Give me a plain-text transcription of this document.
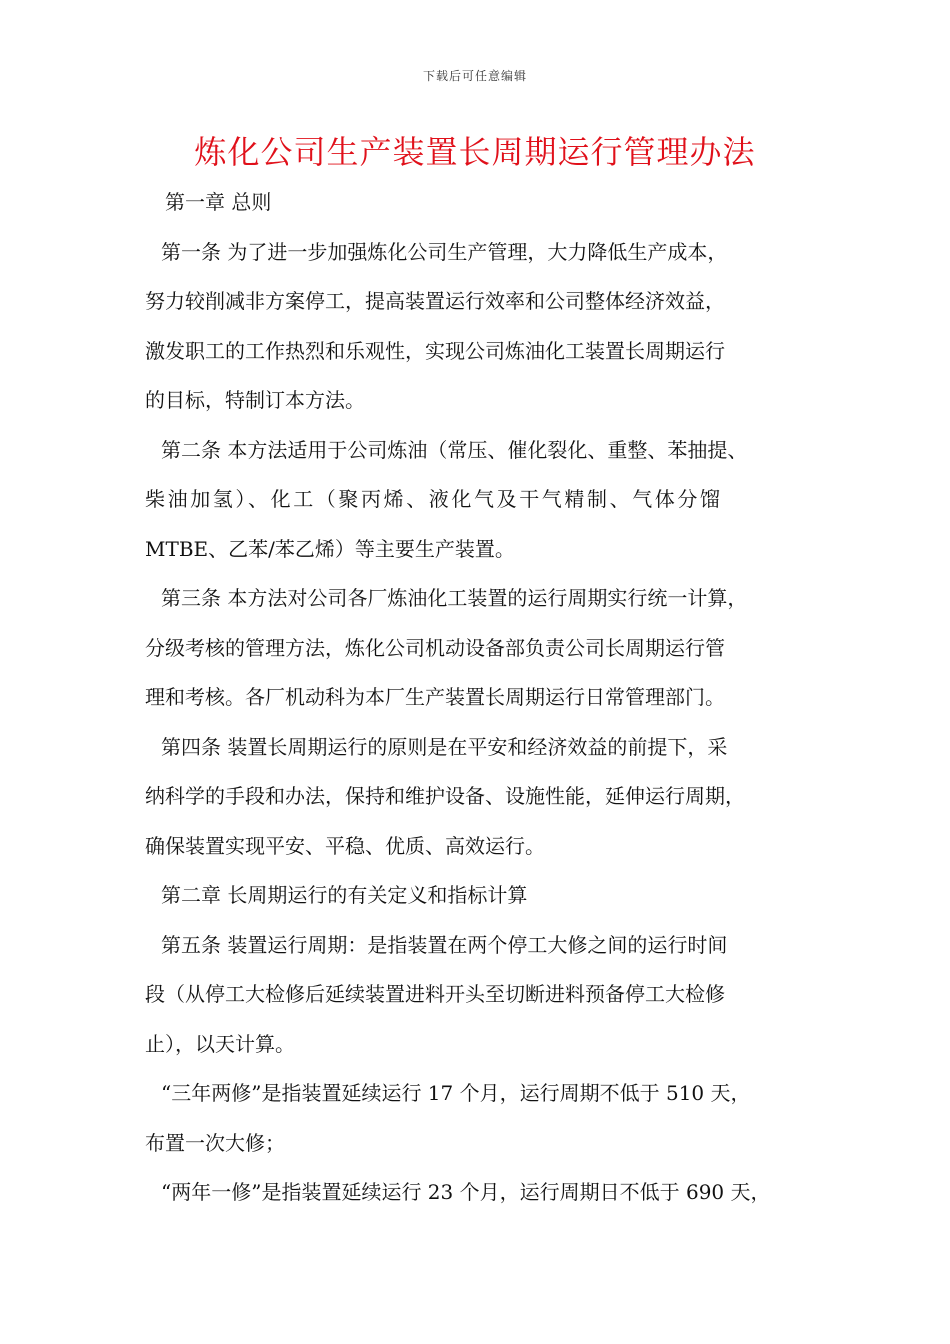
下载后可任意编辑
炼化公司生产装置长周期运行管理办法
第一章 总则
第一条 为了进一步加强炼化公司生产管理，大力降低生产成本，
努力较削减非方案停工，提高装置运行效率和公司整体经济效益，
激发职工的工作热烈和乐观性，实现公司炼油化工装置长周期运行
的目标，特制订本方法。
第二条 本方法适用于公司炼油（常压、催化裂化、重整、苯抽提、
柴油加氢）、化工（聚丙烯、液化气及干气精制、气体分馏
MTBE、乙苯/苯乙烯）等主要生产装置。
第三条 本方法对公司各厂炼油化工装置的运行周期实行统一计算，
分级考核的管理方法，炼化公司机动设备部负责公司长周期运行管
理和考核。各厂机动科为本厂生产装置长周期运行日常管理部门。
第四条 装置长周期运行的原则是在平安和经济效益的前提下，采
纳科学的手段和办法，保持和维护设备、设施性能，延伸运行周期，
确保装置实现平安、平稳、优质、高效运行。
第二章 长周期运行的有关定义和指标计算
第五条 装置运行周期：是指装置在两个停工大修之间的运行时间
段（从停工大检修后延续装置进料开头至切断进料预备停工大检修
止），以天计算。
“三年两修”是指装置延续运行 17 个月，运行周期不低于 510 天，
布置一次大修；
“两年一修”是指装置延续运行 23 个月，运行周期日不低于 690 天，
